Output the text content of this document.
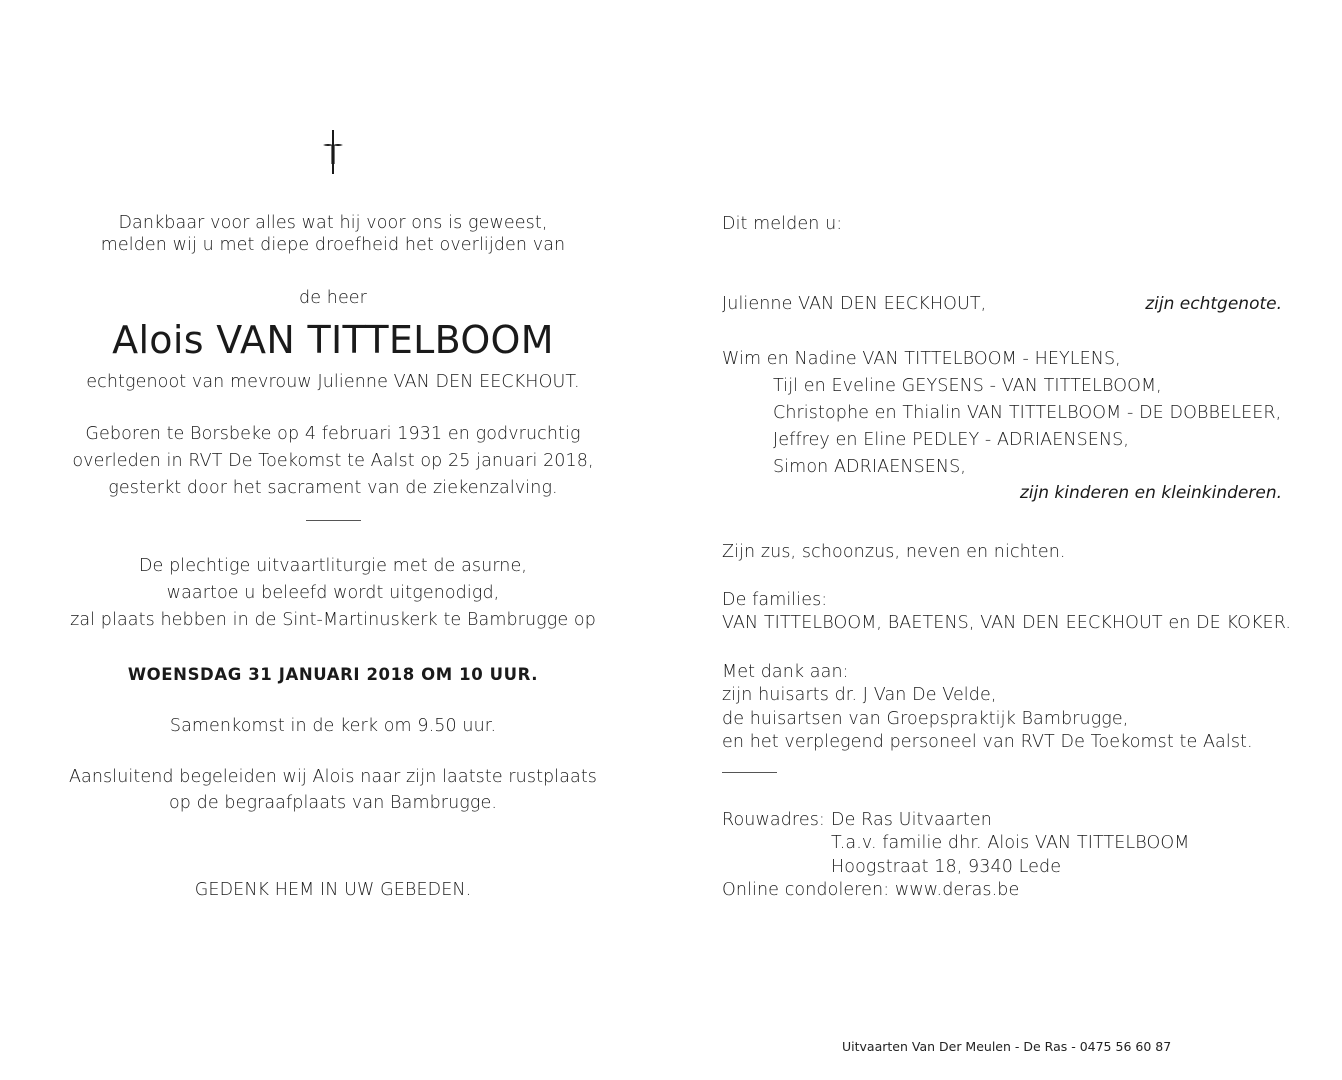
Dankbaar voor alles wat hij voor ons is geweest,
melden wij u met diepe droefheid het overlijden van
de heer
Alois VAN TITTELBOOM
echtgenoot van mevrouw Julienne VAN DEN EECKHOUT.
Geboren te Borsbeke op 4 februari 1931 en godvruchtig
overleden in RVT De Toekomst te Aalst op 25 januari 2018,
gesterkt door het sacrament van de ziekenzalving.
De plechtige uitvaartliturgie met de asurne,
waartoe u beleefd wordt uitgenodigd,
zal plaats hebben in de Sint-Martinuskerk te Bambrugge op
WOENSDAG 31 JANUARI 2018 OM 10 UUR.
Samenkomst in de kerk om 9.50 uur.
Aansluitend begeleiden wij Alois naar zijn laatste rustplaats
op de begraafplaats van Bambrugge.
GEDENK HEM IN UW GEBEDEN.
Dit melden u:
Julienne VAN DEN EECKHOUT,	zijn echtgenote.
Wim en Nadine VAN TITTELBOOM - HEYLENS,
Tijl en Eveline GEYSENS - VAN TITTELBOOM,
Christophe en Thialin VAN TITTELBOOM - DE DOBBELEER,
Jeffrey en Eline PEDLEY - ADRIAENSENS,
Simon ADRIAENSENS,
zijn kinderen en kleinkinderen.
Zijn zus, schoonzus, neven en nichten.
De families:
VAN TITTELBOOM, BAETENS, VAN DEN EECKHOUT en DE KOKER.
Met dank aan:
zijn huisarts dr. J Van De Velde,
de huisartsen van Groepspraktijk Bambrugge,
en het verplegend personeel van RVT De Toekomst te Aalst.
Rouwadres: De Ras Uitvaarten
T.a.v. familie dhr. Alois VAN TITTELBOOM
Hoogstraat 18, 9340 Lede
Online condoleren: www.deras.be
Uitvaarten Van Der Meulen - De Ras - 0475 56 60 87
